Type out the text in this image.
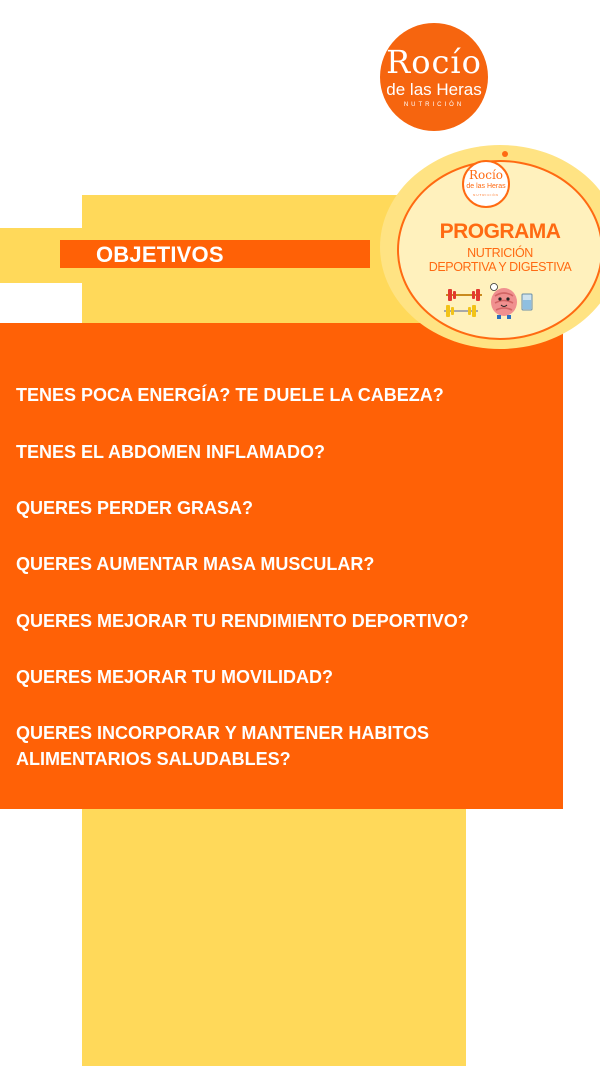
TENES POCA ENERGÍA? TE DUELE LA CABEZA?
TENES EL ABDOMEN INFLAMADO?
QUERES PERDER GRASA?
QUERES AUMENTAR MASA MUSCULAR?
QUERES MEJORAR TU RENDIMIENTO DEPORTIVO?
QUERES MEJORAR TU MOVILIDAD?
QUERES INCORPORAR Y MANTENER HABITOS ALIMENTARIOS SALUDABLES?
OBJETIVOS
Rocío
de las Heras
NUTRICIÓN
Rocío
de las Heras
NUTRICIÓN
PROGRAMA
NUTRICIÓN
DEPORTIVA Y DIGESTIVA
